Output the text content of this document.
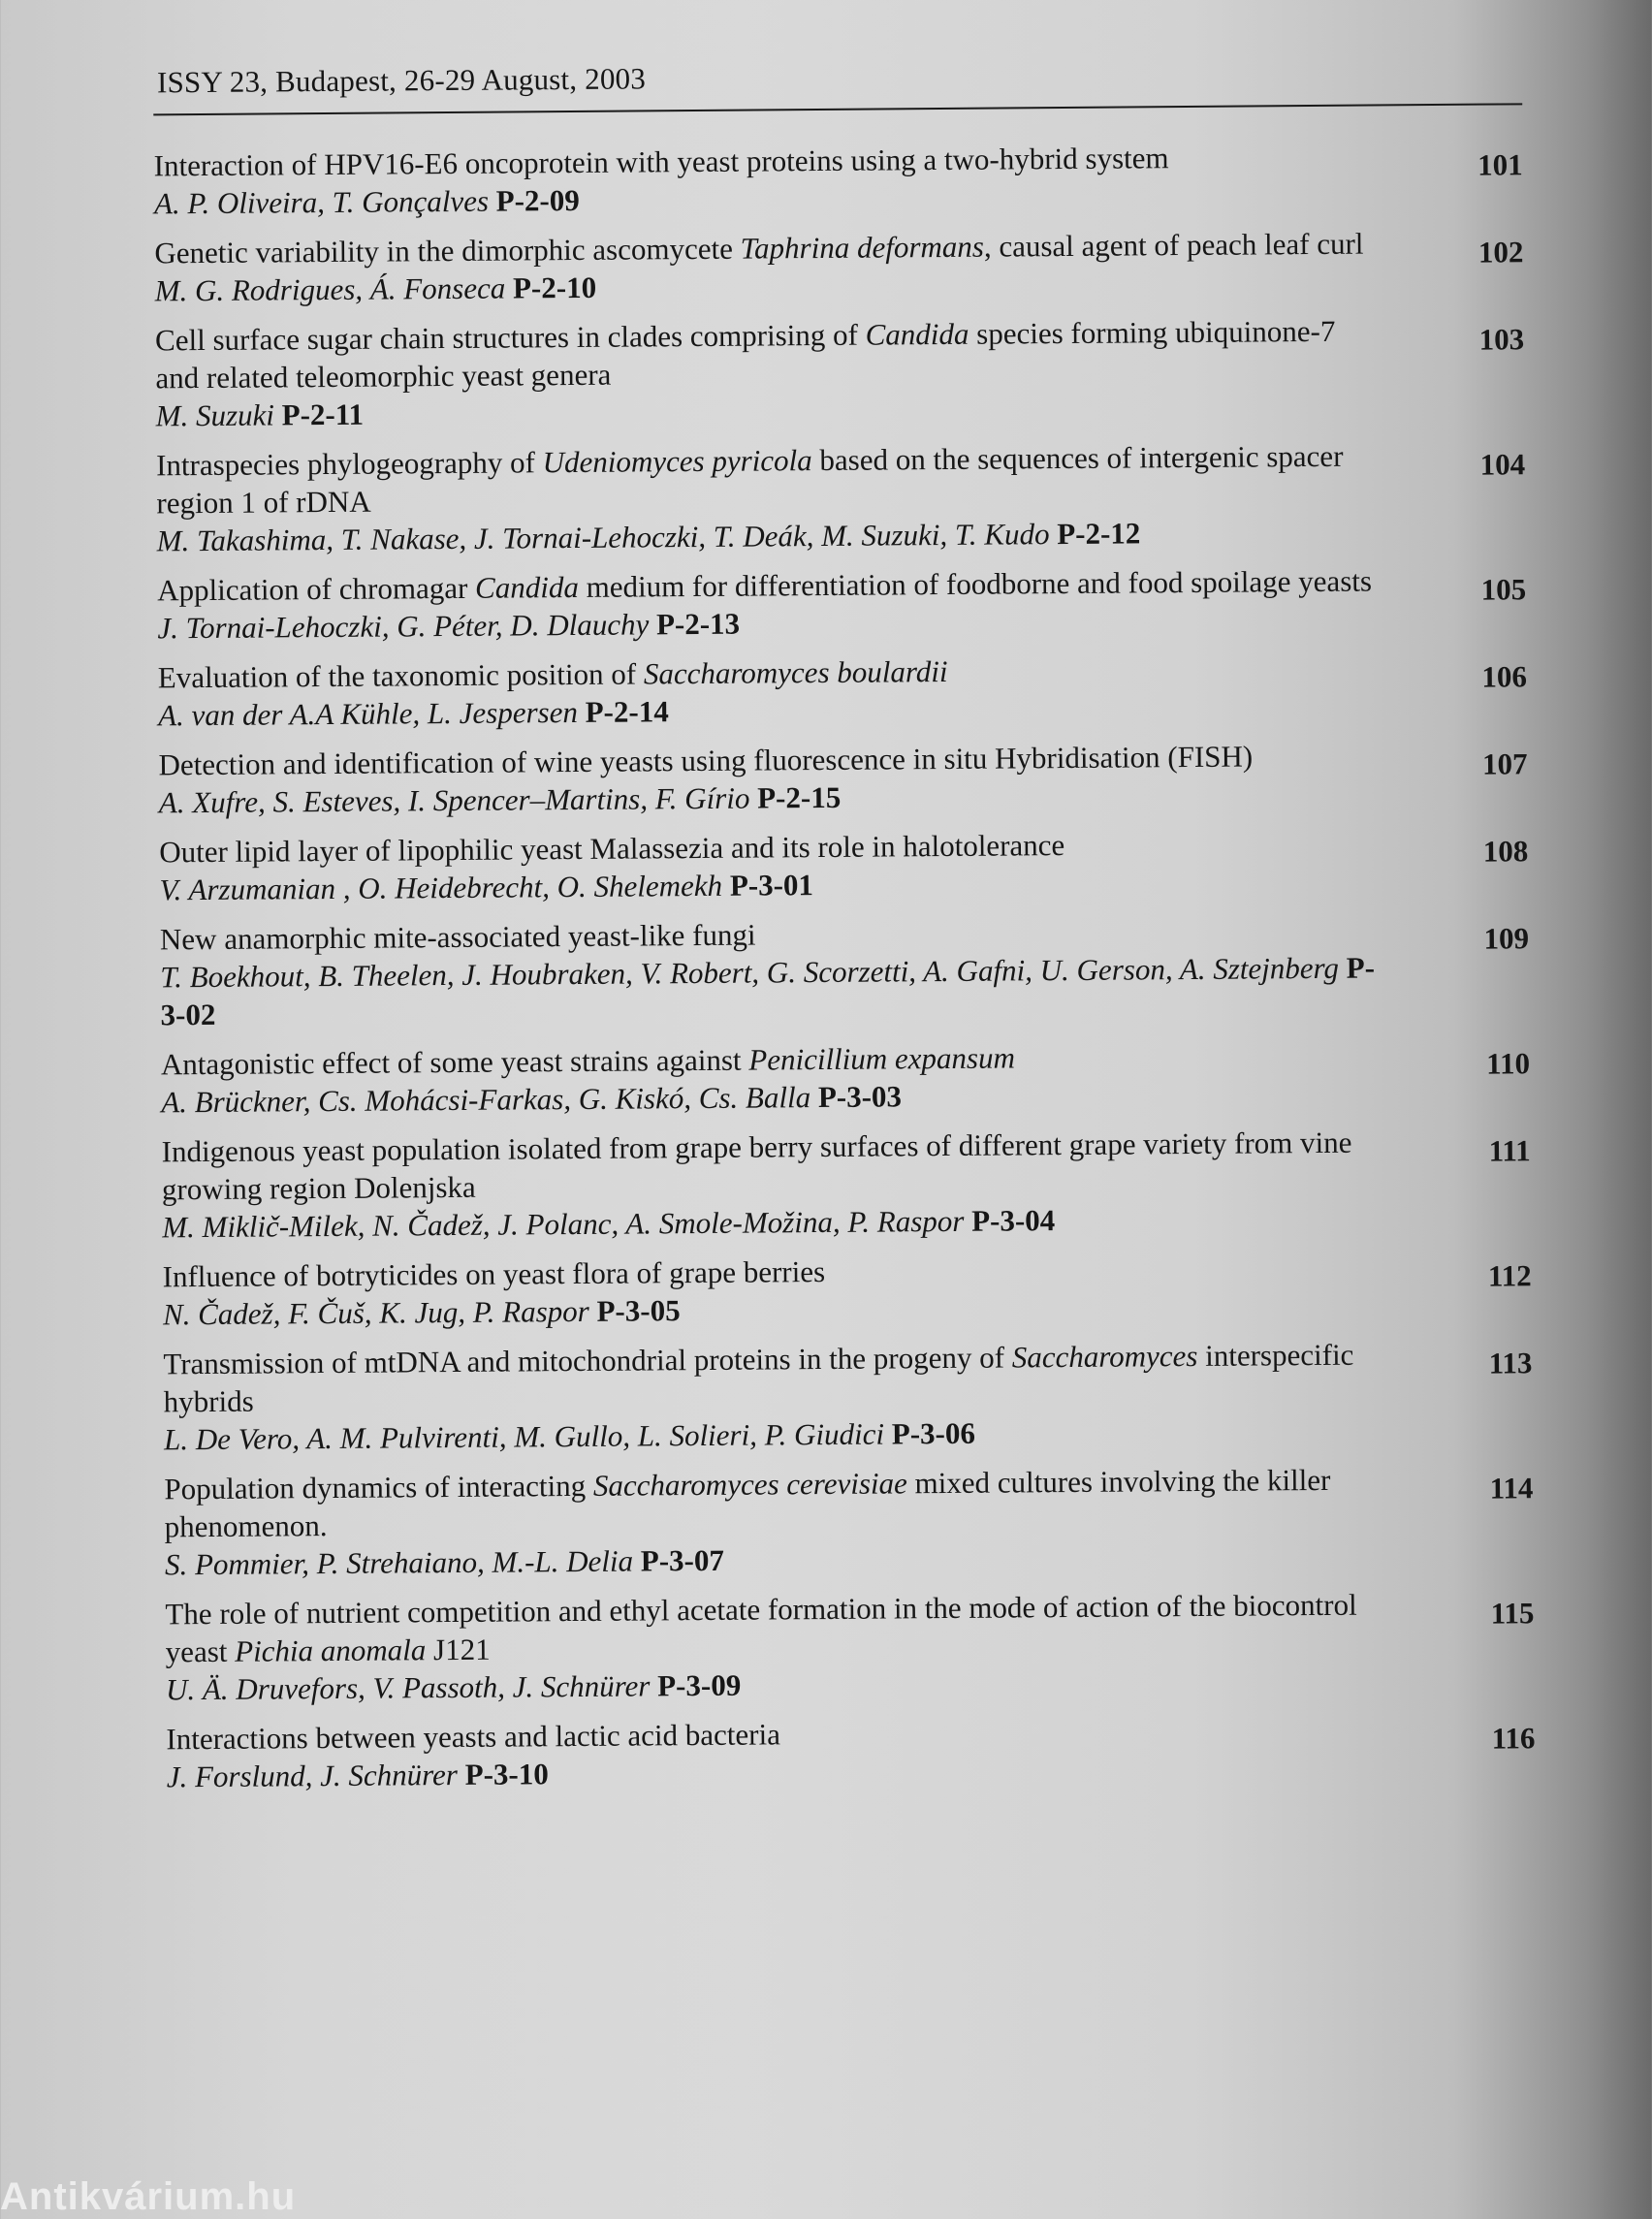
ISSY 23, Budapest, 26-29 August, 2003
Interaction of HPV16-E6 oncoprotein with yeast proteins using a two-hybrid system
A. P. Oliveira, T. Gonçalves P-2-09
101
Genetic variability in the dimorphic ascomycete Taphrina deformans, causal agent of peach leaf curl
M. G. Rodrigues, Á. Fonseca P-2-10
102
Cell surface sugar chain structures in clades comprising of Candida species forming ubiquinone-7 and related teleomorphic yeast genera
M. Suzuki P-2-11
103
Intraspecies phylogeography of Udeniomyces pyricola based on the sequences of intergenic spacer region 1 of rDNA
M. Takashima, T. Nakase, J. Tornai-Lehoczki, T. Deák, M. Suzuki, T. Kudo P-2-12
104
Application of chromagar Candida medium for differentiation of foodborne and food spoilage yeasts
J. Tornai-Lehoczki, G. Péter, D. Dlauchy P-2-13
105
Evaluation of the taxonomic position of Saccharomyces boulardii
A. van der A.A Kühle, L. Jespersen P-2-14
106
Detection and identification of wine yeasts using fluorescence in situ Hybridisation (FISH)
A. Xufre, S. Esteves, I. Spencer–Martins, F. Gírio P-2-15
107
Outer lipid layer of lipophilic yeast Malassezia and its role in halotolerance
V. Arzumanian , O. Heidebrecht, O. Shelemekh P-3-01
108
New anamorphic mite-associated yeast-like fungi
T. Boekhout, B. Theelen, J. Houbraken, V. Robert, G. Scorzetti, A. Gafni, U. Gerson, A. Sztejnberg P-3-02
109
Antagonistic effect of some yeast strains against Penicillium expansum
A. Brückner, Cs. Mohácsi-Farkas, G. Kiskó, Cs. Balla P-3-03
110
Indigenous yeast population isolated from grape berry surfaces of different grape variety from vine growing region Dolenjska
M. Miklič-Milek, N. Čadež, J. Polanc, A. Smole-Možina, P. Raspor P-3-04
111
Influence of botryticides on yeast flora of grape berries
N. Čadež, F. Čuš, K. Jug, P. Raspor P-3-05
112
Transmission of mtDNA and mitochondrial proteins in the progeny of Saccharomyces interspecific hybrids
L. De Vero, A. M. Pulvirenti, M. Gullo, L. Solieri, P. Giudici P-3-06
113
Population dynamics of interacting Saccharomyces cerevisiae mixed cultures involving the killer phenomenon.
S. Pommier, P. Strehaiano, M.-L. Delia P-3-07
114
The role of nutrient competition and ethyl acetate formation in the mode of action of the biocontrol yeast Pichia anomala J121
U. Ä. Druvefors, V. Passoth, J. Schnürer P-3-09
115
Interactions between yeasts and lactic acid bacteria
J. Forslund, J. Schnürer P-3-10
116
Antikvárium.hu
